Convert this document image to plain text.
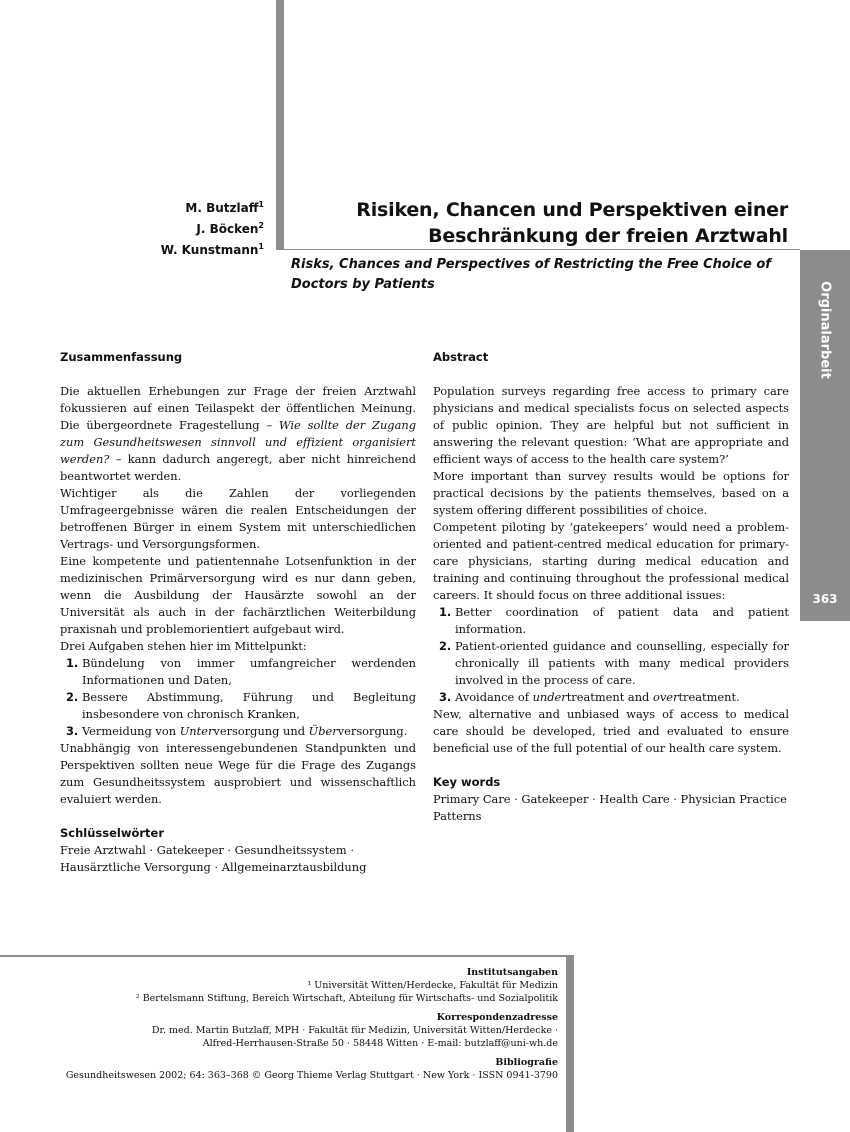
M. Butzlaff$^1$
J. Böcken$^2$
W. Kunstmann$^1$
Risiken, Chancen und Perspektiven einer
Beschränkung der freien Arztwahl
Risks, Chances and Perspectives of Restricting the Free Choice of Doctors by Patients	Orginalarbeit
363
Zusammenfassung

Die aktuellen Erhebungen zur Frage der freien Arztwahl fokussieren auf einen Teilaspekt der öffentlichen Meinung. Die übergeordnete Fragestellung – Wie sollte der Zugang zum Gesundheitswesen sinnvoll und effizient organisiert werden? – kann dadurch angeregt, aber nicht hinreichend beantwortet werden.

Wichtiger als die Zahlen der vorliegenden Umfrageergebnisse wären die realen Entscheidungen der betroffenen Bürger in einem System mit unterschiedlichen Vertrags- und Versorgungsformen.

Eine kompetente und patientennahe Lotsenfunktion in der medizinischen Primärversorgung wird es nur dann geben, wenn die Ausbildung der Hausärzte sowohl an der Universität als auch in der fachärztlichen Weiterbildung praxisnah und problemorientiert aufgebaut wird.

Drei Aufgaben stehen hier im Mittelpunkt:

1. Bündelung von immer umfangreicher werdenden Informationen und Daten,
2. Bessere Abstimmung, Führung und Begleitung insbesondere von chronisch Kranken,
3. Vermeidung von Unterversorgung und Überversorgung.

Unabhängig von interessengebundenen Standpunkten und Perspektiven sollten neue Wege für die Frage des Zugangs zum Gesundheitssystem ausprobiert und wissenschaftlich evaluiert werden.

Schlüsselwörter

Freie Arztwahl · Gatekeeper · Gesundheitssystem · Hausärztliche Versorgung · Allgemeinarztausbildung

Abstract

Population surveys regarding free access to primary care physicians and medical specialists focus on selected aspects of public opinion. They are helpful but not sufficient in answering the relevant question: ‘What are appropriate and efficient ways of access to the health care system?’

More important than survey results would be options for practical decisions by the patients themselves, based on a system offering different possibilities of choice.

Competent piloting by ‘gatekeepers’ would need a problem-oriented and patient-centred medical education for primary-care physicians, starting during medical education and training and continuing throughout the professional medical careers. It should focus on three additional issues:

1. Better coordination of patient data and patient information.
2. Patient-oriented guidance and counselling, especially for chronically ill patients with many medical providers involved in the process of care.
3. Avoidance of undertreatment and overtreatment.

New, alternative and unbiased ways of access to medical care should be developed, tried and evaluated to ensure beneficial use of the full potential of our health care system.

Key words

Primary Care · Gatekeeper · Health Care · Physician Practice Patterns

Institutsangaben
¹ Universität Witten/Herdecke, Fakultät für Medizin
² Bertelsmann Stiftung, Bereich Wirtschaft, Abteilung für Wirtschafts- und Sozialpolitik
Korrespondenzadresse
Dr. med. Martin Butzlaff, MPH · Fakultät für Medizin, Universität Witten/Herdecke ·
Alfred-Herrhausen-Straße 50 · 58448 Witten · E-mail: butzlaff@uni-wh.de
Bibliografie
Gesundheitswesen 2002; 64: 363–368 © Georg Thieme Verlag Stuttgart · New York · ISSN 0941-3790
